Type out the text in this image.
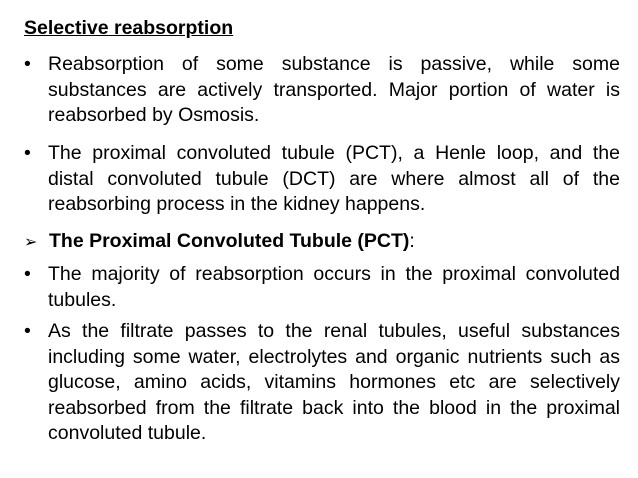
Selective reabsorption
• Reabsorption of some substance is passive, while some substances are actively transported. Major portion of water is reabsorbed by Osmosis.
• The proximal convoluted tubule (PCT), a Henle loop, and the distal convoluted tubule (DCT) are where almost all of the reabsorbing process in the kidney happens.
➢ The Proximal Convoluted Tubule (PCT):
• The majority of reabsorption occurs in the proximal convoluted tubules.
• As the filtrate passes to the renal tubules, useful substances including some water, electrolytes and organic nutrients such as glucose, amino acids, vitamins hormones etc are selectively reabsorbed from the filtrate back into the blood in the proximal convoluted tubule.
